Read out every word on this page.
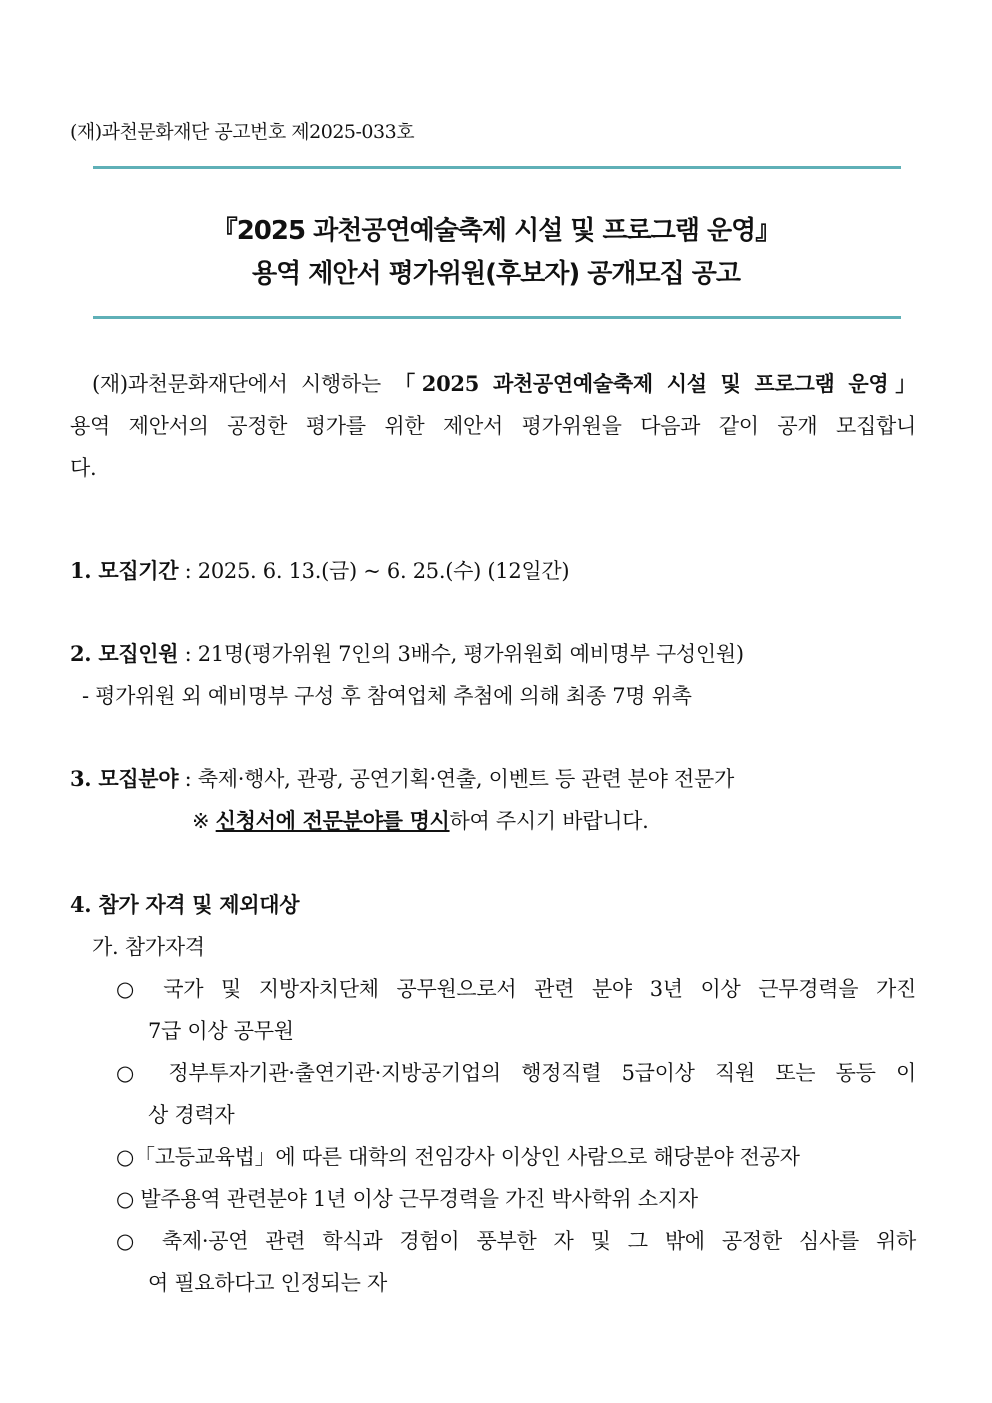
(재)과천문화재단 공고번호 제2025-033호
『2025 과천공연예술축제 시설 및 프로그램 운영』
용역 제안서 평가위원(후보자) 공개모집 공고
(재)과천문화재단에서 시행하는 「2025 과천공연예술축제 시설 및 프로그램 운영」
용역 제안서의 공정한 평가를 위한 제안서 평가위원을 다음과 같이 공개 모집합니
다.
1. 모집기간 : 2025. 6. 13.(금) ~ 6. 25.(수) (12일간)
2. 모집인원 : 21명(평가위원 7인의 3배수, 평가위원회 예비명부 구성인원)
- 평가위원 외 예비명부 구성 후 참여업체 추첨에 의해 최종 7명 위촉
3. 모집분야 : 축제·행사, 관광, 공연기획·연출, 이벤트 등 관련 분야 전문가
※ 신청서에 전문분야를 명시하여 주시기 바랍니다.
4. 참가 자격 및 제외대상
가. 참가자격
○ 국가 및 지방자치단체 공무원으로서 관련 분야 3년 이상 근무경력을 가진
7급 이상 공무원
○ 정부투자기관·출연기관·지방공기업의 행정직렬 5급이상 직원 또는 동등 이
상 경력자
○「고등교육법」에 따른 대학의 전임강사 이상인 사람으로 해당분야 전공자
○ 발주용역 관련분야 1년 이상 근무경력을 가진 박사학위 소지자
○ 축제·공연 관련 학식과 경험이 풍부한 자 및 그 밖에 공정한 심사를 위하
여 필요하다고 인정되는 자
